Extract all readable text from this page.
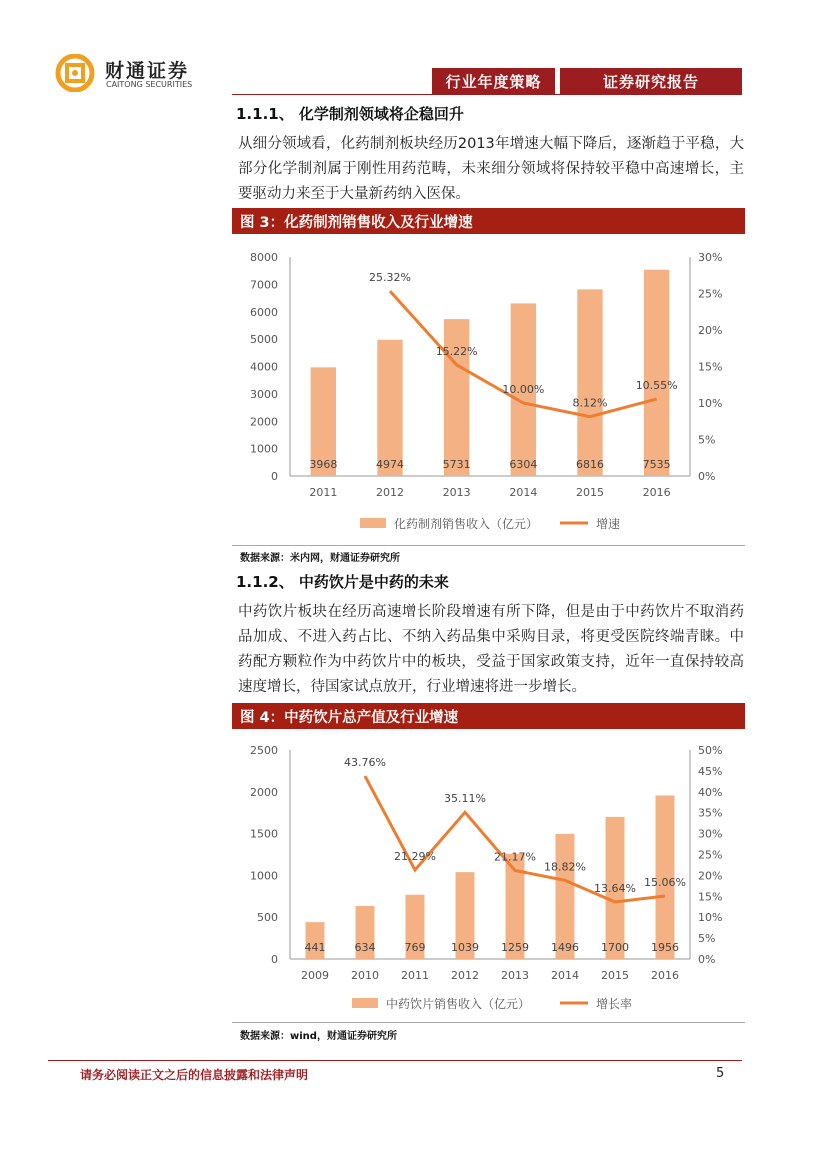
财通证券
CAITONG SECURITIES	行业年度策略	证券研究报告
1.1.1、 化学制剂领域将企稳回升
从细分领域看，化药制剂板块经历2013年增速大幅下降后，逐渐趋于平稳，大部分化学制剂属于刚性用药范畴，未来细分领域将保持较平稳中高速增长，主要驱动力来至于大量新药纳入医保。
图 3：化药制剂销售收入及行业增速
0
1000
2000
3000
4000
5000
6000
7000
8000
0%
5%
10%
15%
20%
25%
30%
3968
2011
4974
2012
5731
2013
6304
2014
6816
2015
7535
2016
25.32%
15.22%
10.00%
8.12%
10.55%
化药制剂销售收入（亿元）	增速
数据来源：米内网，财通证券研究所
1.1.2、 中药饮片是中药的未来
中药饮片板块在经历高速增长阶段增速有所下降，但是由于中药饮片不取消药品加成、不进入药占比、不纳入药品集中采购目录，将更受医院终端青睐。中药配方颗粒作为中药饮片中的板块，受益于国家政策支持，近年一直保持较高速度增长，待国家试点放开，行业增速将进一步增长。
图 4：中药饮片总产值及行业增速
0
500
1000
1500
2000
2500
0%
5%
10%
15%
20%
25%
30%
35%
40%
45%
50%
441
2009
634
2010
769
2011
1039
2012
1259
2013
1496
2014
1700
2015
1956
2016
43.76%
21.29%
35.11%
21.17%
18.82%
13.64% 15.06%
中药饮片销售收入（亿元）	增长率
数据来源：wind，财通证券研究所
请务必阅读正文之后的信息披露和法律声明	5
